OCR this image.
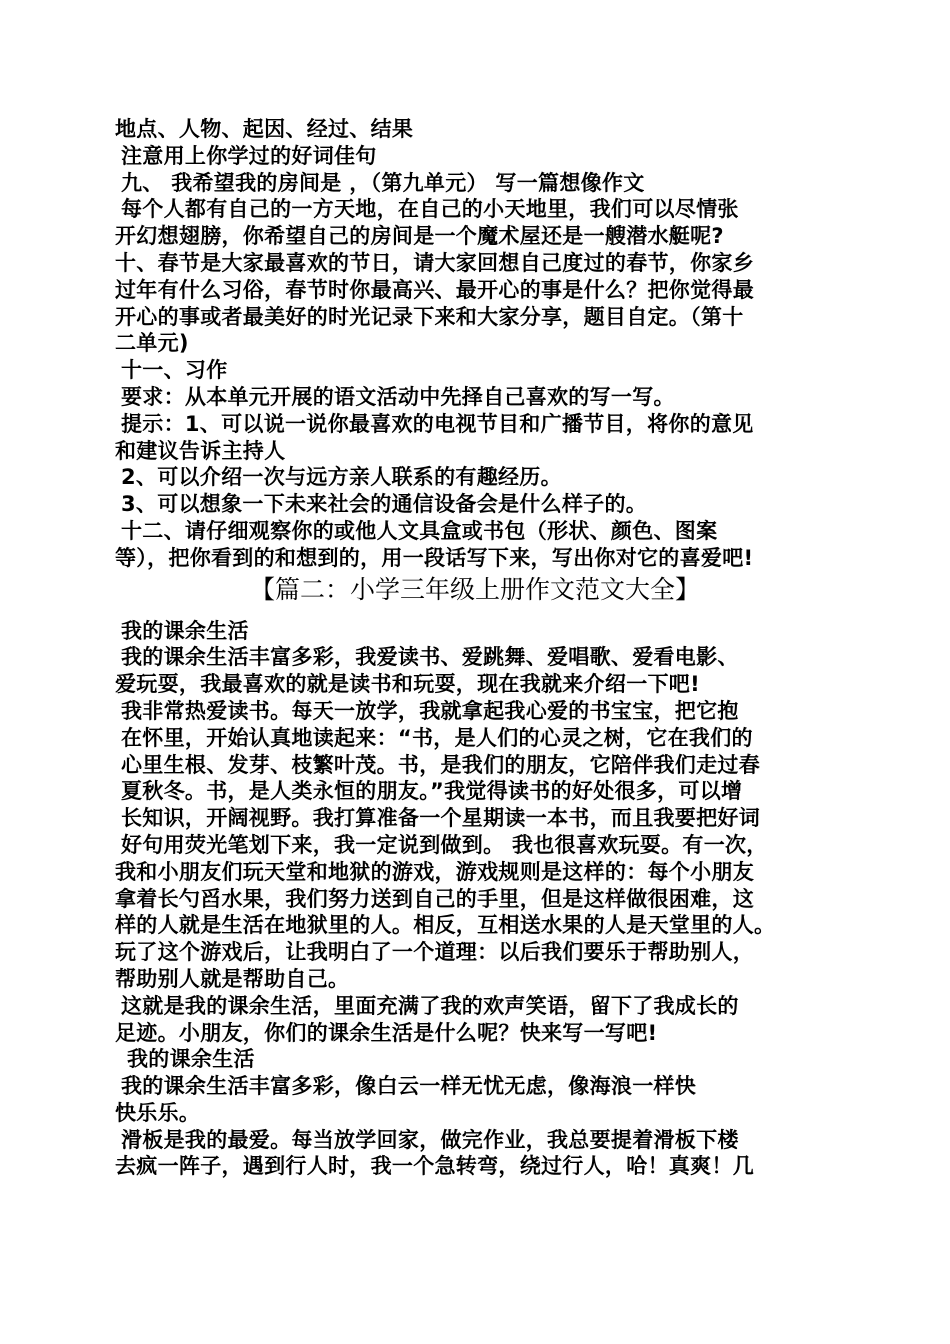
地点、人物、起因、经过、结果
注意用上你学过的好词佳句
九、 我希望我的房间是 ，（第九单元） 写一篇想像作文
每个人都有自己的一方天地，在自己的小天地里，我们可以尽情张
开幻想翅膀，你希望自己的房间是一个魔术屋还是一艘潜水艇呢?
十、春节是大家最喜欢的节日，请大家回想自己度过的春节，你家乡
过年有什么习俗，春节时你最高兴、最开心的事是什么？把你觉得最
开心的事或者最美好的时光记录下来和大家分享，题目自定。（第十
二单元)
十一、习作
要求：从本单元开展的语文活动中先择自己喜欢的写一写。
提示：1、可以说一说你最喜欢的电视节目和广播节目，将你的意见
和建议告诉主持人
2、可以介绍一次与远方亲人联系的有趣经历。
3、可以想象一下未来社会的通信设备会是什么样子的。
十二、请仔细观察你的或他人文具盒或书包（形状、颜色、图案
等），把你看到的和想到的，用一段话写下来，写出你对它的喜爱吧!
【篇二：小学三年级上册作文范文大全】
我的课余生活
我的课余生活丰富多彩，我爱读书、爱跳舞、爱唱歌、爱看电影、
爱玩耍，我最喜欢的就是读书和玩耍，现在我就来介绍一下吧!
我非常热爱读书。每天一放学，我就拿起我心爱的书宝宝，把它抱
在怀里，开始认真地读起来：“书，是人们的心灵之树，它在我们的
心里生根、发芽、枝繁叶茂。书，是我们的朋友，它陪伴我们走过春
夏秋冬。书，是人类永恒的朋友。”我觉得读书的好处很多，可以增
长知识，开阔视野。我打算准备一个星期读一本书，而且我要把好词
好句用荧光笔划下来，我一定说到做到。 我也很喜欢玩耍。有一次，
我和小朋友们玩天堂和地狱的游戏，游戏规则是这样的：每个小朋友
拿着长勺舀水果，我们努力送到自己的手里，但是这样做很困难，这
样的人就是生活在地狱里的人。相反，互相送水果的人是天堂里的人。
玩了这个游戏后，让我明白了一个道理：以后我们要乐于帮助别人，
帮助别人就是帮助自己。
这就是我的课余生活，里面充满了我的欢声笑语，留下了我成长的
足迹。小朋友，你们的课余生活是什么呢？快来写一写吧!
我的课余生活
我的课余生活丰富多彩，像白云一样无忧无虑，像海浪一样快
快乐乐。
滑板是我的最爱。每当放学回家，做完作业，我总要提着滑板下楼
去疯一阵子，遇到行人时，我一个急转弯，绕过行人，哈！真爽！几
